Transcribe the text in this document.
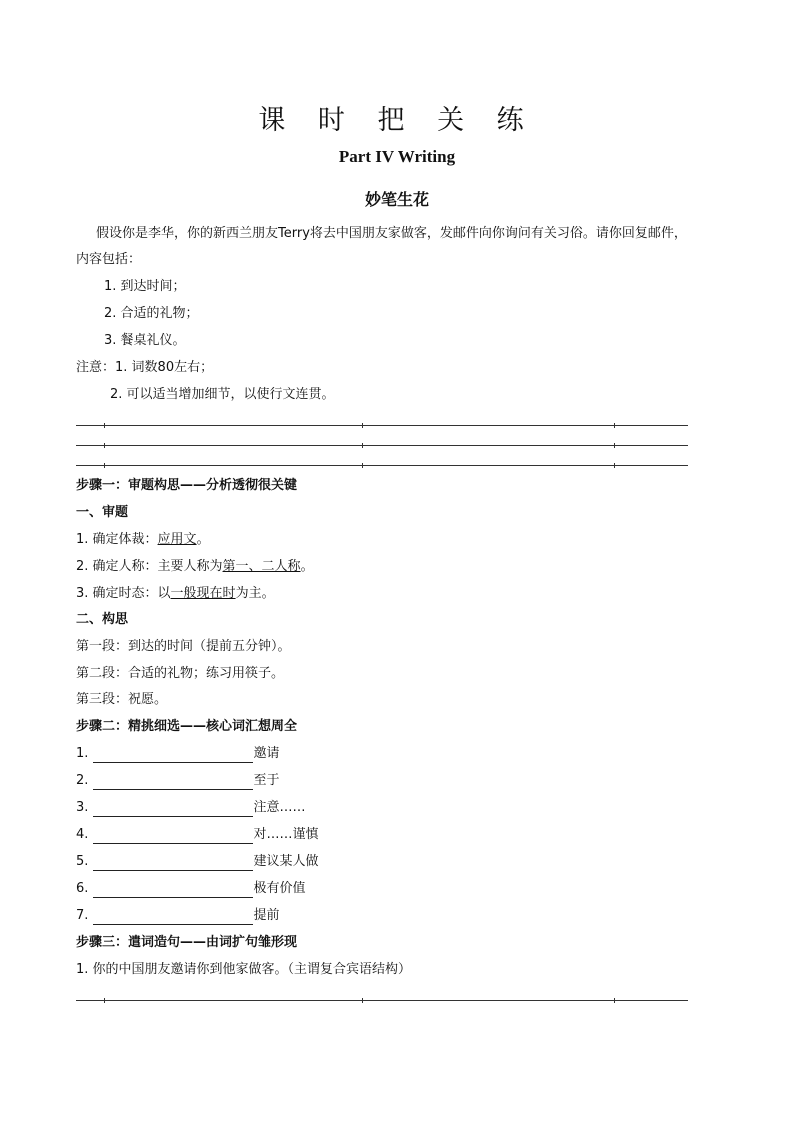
课 时 把 关 练
Part IV Writing
妙笔生花
假设你是李华，你的新西兰朋友Terry将去中国朋友家做客，发邮件向你询问有关习俗。请你回复邮件，
内容包括：
1. 到达时间；
2. 合适的礼物；
3. 餐桌礼仪。
注意：1. 词数80左右；
2. 可以适当增加细节，以使行文连贯。
步骤一：审题构思——分析透彻很关键
一、审题
1. 确定体裁：应用文。
2. 确定人称：主要人称为第一、二人称。
3. 确定时态：以一般现在时为主。
二、构思
第一段：到达的时间（提前五分钟）。
第二段：合适的礼物；练习用筷子。
第三段：祝愿。
步骤二：精挑细选——核心词汇想周全
1.	邀请
2.	至于
3.	注意……
4.	对……谨慎
5.	建议某人做
6.	极有价值
7.	提前
步骤三：遣词造句——由词扩句雏形现
1. 你的中国朋友邀请你到他家做客。（主谓复合宾语结构）
